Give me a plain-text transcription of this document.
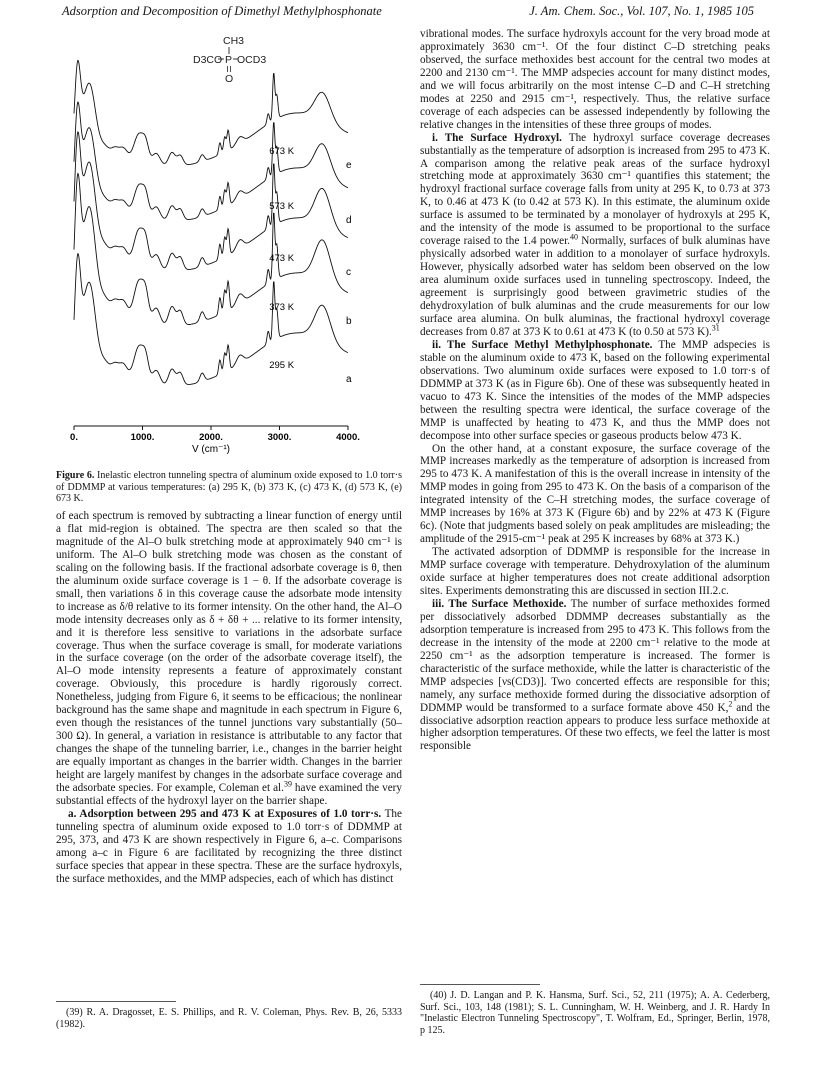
Adsorption and Decomposition of Dimethyl Methylphosphonate	J. Am. Chem. Soc., Vol. 107, No. 1, 1985 105
CH3
D3CO P OCD3
O
295 K
a
373 K
b
473 K
c
573 K
d
673 K
e
0.	1000.	2000.	3000.	4000.
V (cm⁻¹)
Figure 6. Inelastic electron tunneling spectra of aluminum oxide exposed to 1.0 torr·s of DDMMP at various temperatures: (a) 295 K, (b) 373 K, (c) 473 K, (d) 573 K, (e) 673 K.

of each spectrum is removed by subtracting a linear function of energy until a flat mid-region is obtained. The spectra are then scaled so that the magnitude of the Al–O bulk stretching mode at approximately 940 cm⁻¹ is uniform. The Al–O bulk stretching mode was chosen as the constant of scaling on the following basis. If the fractional adsorbate coverage is θ, then the aluminum oxide surface coverage is 1 − θ. If the adsorbate coverage is small, then variations δ in this coverage cause the adsorbate mode intensity to increase as δ/θ relative to its former intensity. On the other hand, the Al–O mode intensity decreases only as δ + δθ + ... relative to its former intensity, and it is therefore less sensitive to variations in the adsorbate surface coverage. Thus when the surface coverage is small, for moderate variations in the surface coverage (on the order of the adsorbate coverage itself), the Al–O mode intensity represents a feature of approximately constant coverage. Obviously, this procedure is hardly rigorously correct. Nonetheless, judging from Figure 6, it seems to be efficacious; the nonlinear background has the same shape and magnitude in each spectrum in Figure 6, even though the resistances of the tunnel junctions vary substantially (50–300 Ω). In general, a variation in resistance is attributable to any factor that changes the shape of the tunneling barrier, i.e., changes in the barrier height are equally important as changes in the barrier width. Changes in the barrier height are largely manifest by changes in the adsorbate surface coverage and the adsorbate species. For example, Coleman et al.$^{39}$ have examined the very substantial effects of the hydroxyl layer on the barrier shape.

a. Adsorption between 295 and 473 K at Exposures of 1.0 torr·s. The tunneling spectra of aluminum oxide exposed to 1.0 torr·s of DDMMP at 295, 373, and 473 K are shown respectively in Figure 6, a–c. Comparisons among a–c in Figure 6 are facilitated by recognizing the three distinct surface species that appear in these spectra. These are the surface hydroxyls, the surface methoxides, and the MMP adspecies, each of which has distinct

(39) R. A. Dragosset, E. S. Phillips, and R. V. Coleman, Phys. Rev. B, 26, 5333 (1982).

vibrational modes. The surface hydroxyls account for the very broad mode at approximately 3630 cm⁻¹. Of the four distinct C–D stretching peaks observed, the surface methoxides best account for the central two modes at 2200 and 2130 cm⁻¹. The MMP adspecies account for many distinct modes, and we will focus arbitrarily on the most intense C–D and C–H stretching modes at 2250 and 2915 cm⁻¹, respectively. Thus, the relative surface coverage of each adspecies can be assessed independently by following the relative changes in the intensities of these three groups of modes.

i. The Surface Hydroxyl. The hydroxyl surface coverage decreases substantially as the temperature of adsorption is increased from 295 to 473 K. A comparison among the relative peak areas of the surface hydroxyl stretching mode at approximately 3630 cm⁻¹ quantifies this statement; the hydroxyl fractional surface coverage falls from unity at 295 K, to 0.73 at 373 K, to 0.46 at 473 K (to 0.42 at 573 K). In this estimate, the aluminum oxide surface is assumed to be terminated by a monolayer of hydroxyls at 295 K, and the intensity of the mode is assumed to be proportional to the surface coverage raised to the 1.4 power.$^{40}$ Normally, surfaces of bulk aluminas have physically adsorbed water in addition to a monolayer of surface hydroxyls. However, physically adsorbed water has seldom been observed on the low area aluminum oxide surfaces used in tunneling spectroscopy. Indeed, the agreement is surprisingly good between gravimetric studies of the dehydroxylation of bulk aluminas and the crude measurements for our low surface area alumina. On bulk aluminas, the fractional hydroxyl coverage decreases from 0.87 at 373 K to 0.61 at 473 K (to 0.50 at 573 K).$^{31}$

ii. The Surface Methyl Methylphosphonate. The MMP adspecies is stable on the aluminum oxide to 473 K, based on the following experimental observations. Two aluminum oxide surfaces were exposed to 1.0 torr·s of DDMMP at 373 K (as in Figure 6b). One of these was subsequently heated in vacuo to 473 K. Since the intensities of the modes of the MMP adspecies between the resulting spectra were identical, the surface coverage of the MMP is unaffected by heating to 473 K, and thus the MMP does not decompose into other surface species or gaseous products below 473 K.

On the other hand, at a constant exposure, the surface coverage of the MMP increases markedly as the temperature of adsorption is increased from 295 to 473 K. A manifestation of this is the overall increase in intensity of the MMP modes in going from 295 to 473 K. On the basis of a comparison of the integrated intensity of the C–H stretching modes, the surface coverage of MMP increases by 16% at 373 K (Figure 6b) and by 22% at 473 K (Figure 6c). (Note that judgments based solely on peak amplitudes are misleading; the amplitude of the 2915-cm⁻¹ peak at 295 K increases by 68% at 373 K.)

The activated adsorption of DDMMP is responsible for the increase in MMP surface coverage with temperature. Dehydroxylation of the aluminum oxide surface at higher temperatures does not create additional adsorption sites. Experiments demonstrating this are discussed in section III.2.c.

iii. The Surface Methoxide. The number of surface methoxides formed per dissociatively adsorbed DDMMP decreases substantially as the adsorption temperature is increased from 295 to 473 K. This follows from the decrease in the intensity of the mode at 2200 cm⁻¹ relative to the mode at 2250 cm⁻¹ as the adsorption temperature is increased. The former is characteristic of the surface methoxide, while the latter is characteristic of the MMP adspecies [νs(CD3)]. Two concerted effects are responsible for this; namely, any surface methoxide formed during the dissociative adsorption of DDMMP would be transformed to a surface formate above 450 K,$^2$ and the dissociative adsorption reaction appears to produce less surface methoxide at higher adsorption temperatures. Of these two effects, we feel the latter is most responsible

(40) J. D. Langan and P. K. Hansma, Surf. Sci., 52, 211 (1975); A. A. Cederberg, Surf. Sci., 103, 148 (1981); S. L. Cunningham, W. H. Weinberg, and J. R. Hardy In "Inelastic Electron Tunneling Spectroscopy", T. Wolfram, Ed., Springer, Berlin, 1978, p 125.
